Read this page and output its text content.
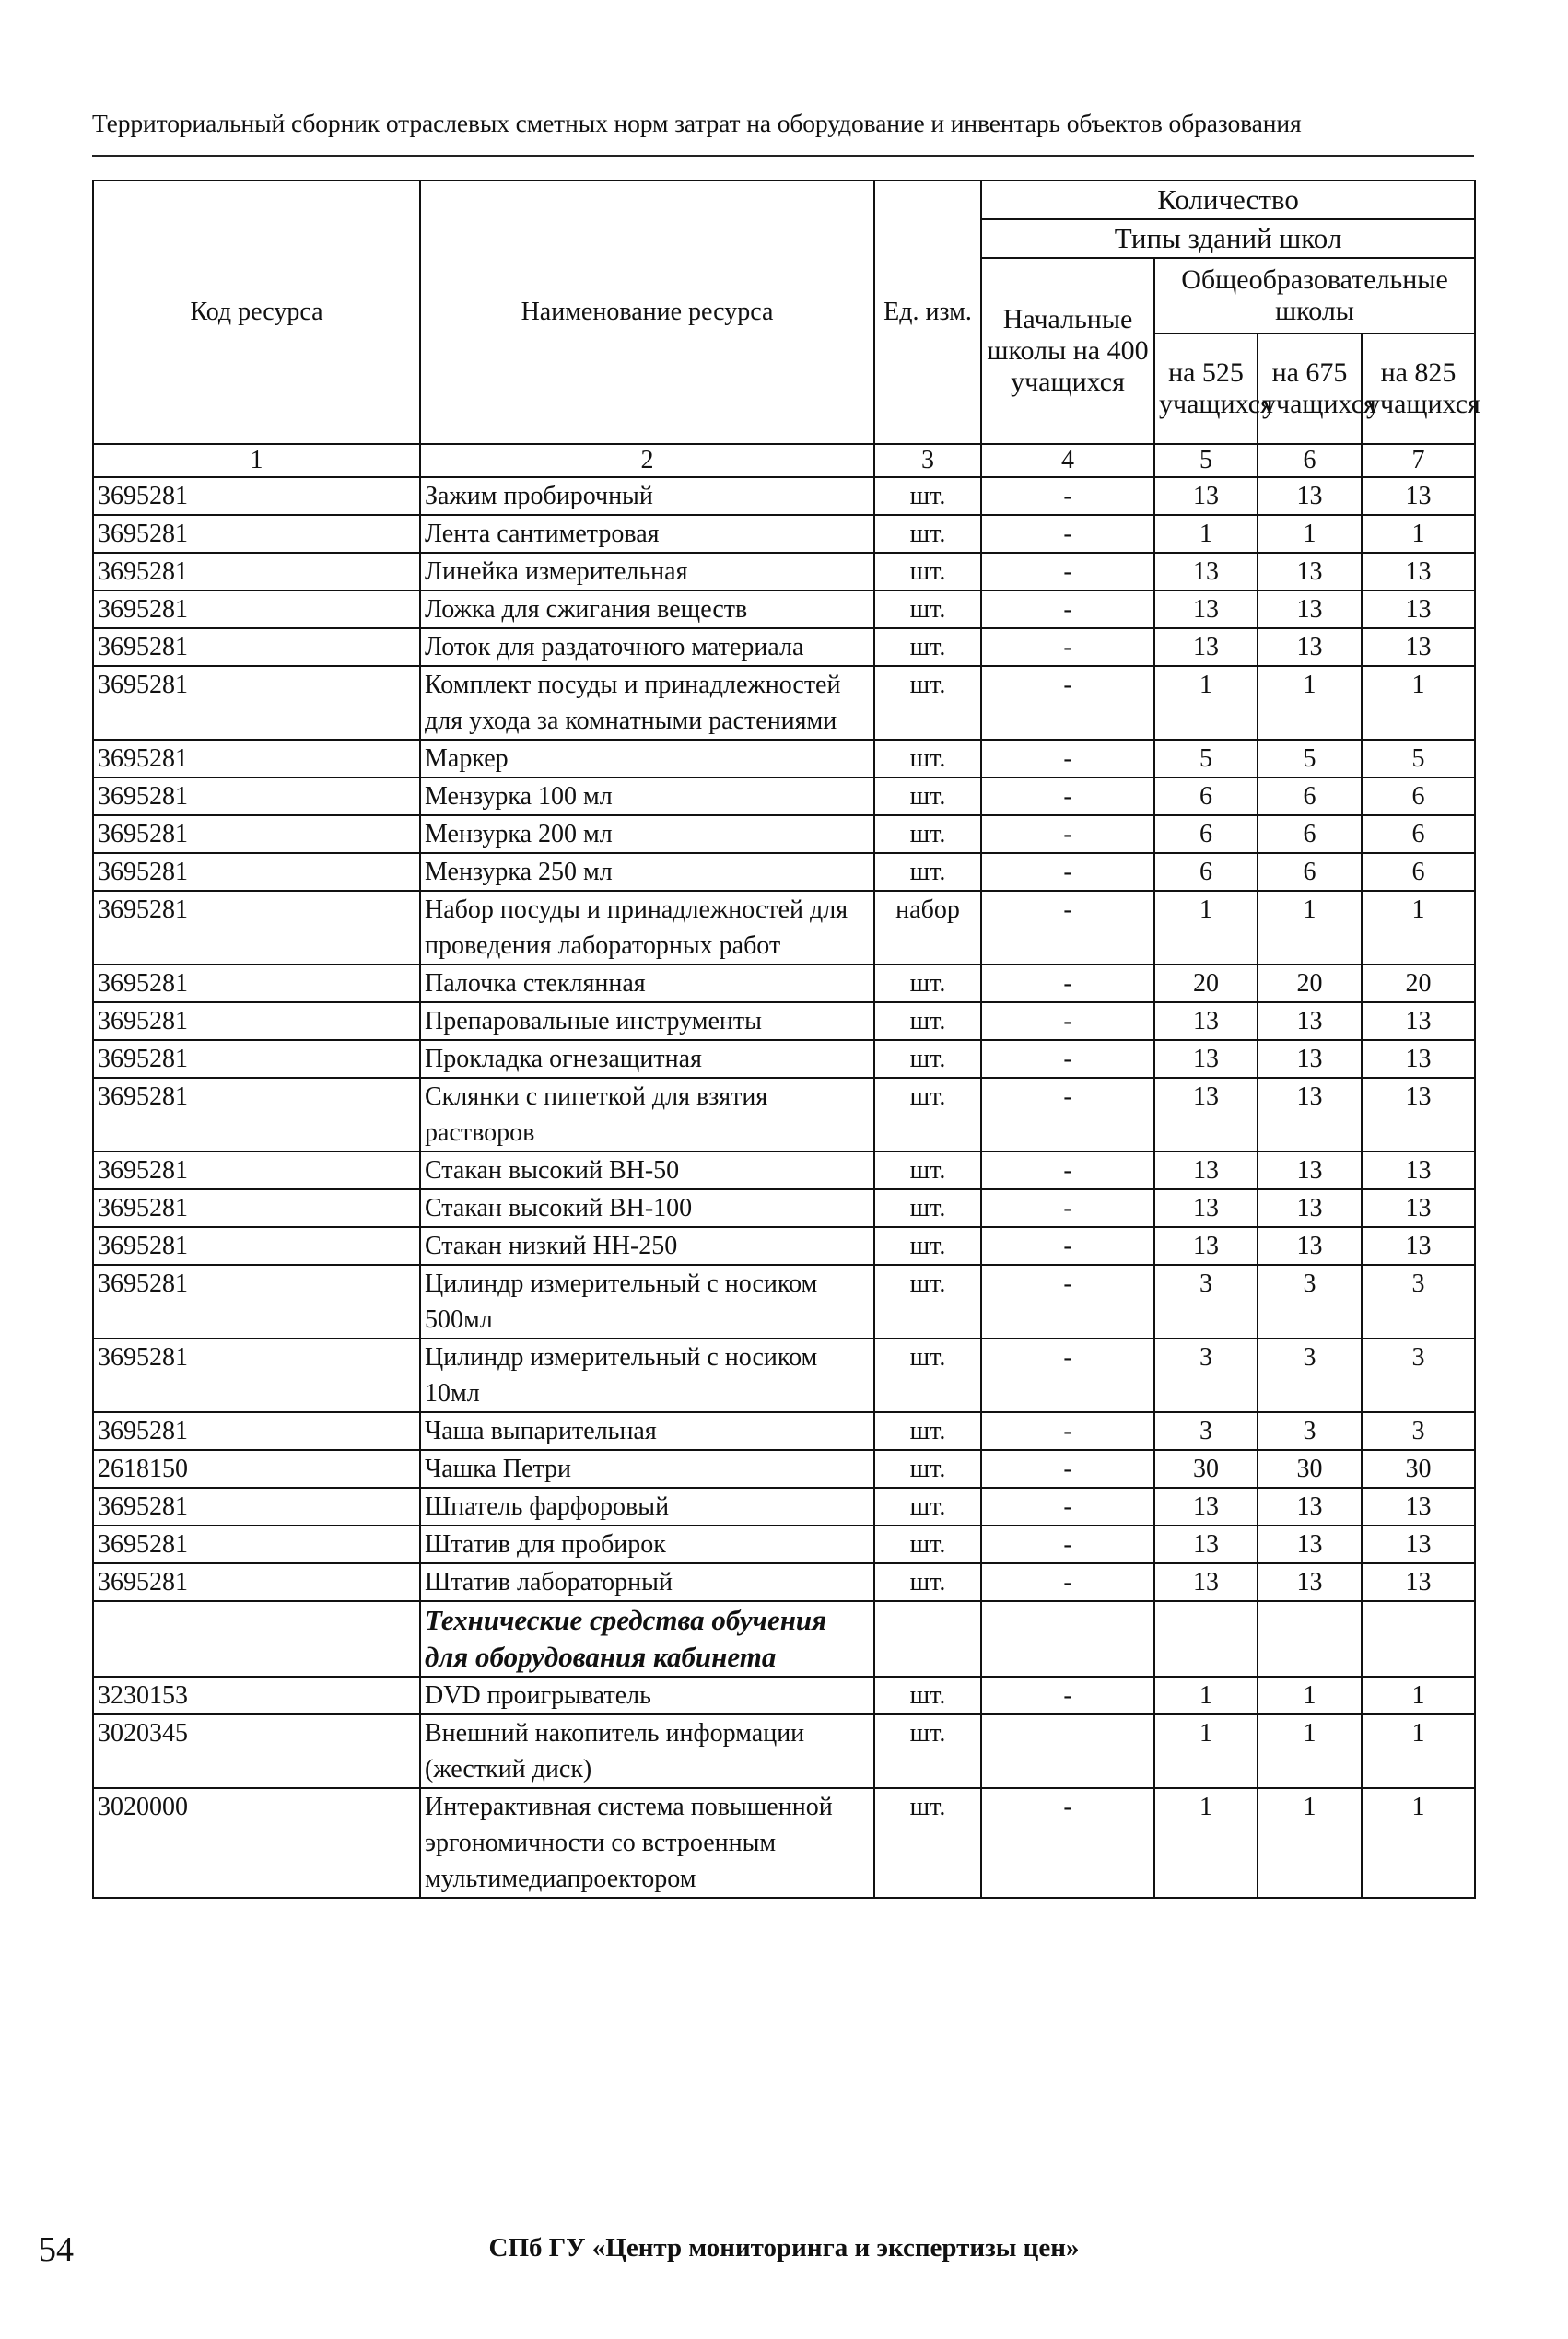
Территориальный сборник отраслевых сметных норм затрат на оборудование и инвентарь объектов образования
Код ресурса	Наименование ресурса	Ед. изм.	Количество			
			Типы зданий школ			
			Начальные школы на 400 учащихся	Общеобразовательные школы		
				на 525 учащихся	на 675 учащихся	на 825 учащихся
1	2	3	4	5	6	7
3695281	Зажим пробирочный	шт.	-	13	13	13
3695281	Лента сантиметровая	шт.	-	1	1	1
3695281	Линейка измерительная	шт.	-	13	13	13
3695281	Ложка для сжигания веществ	шт.	-	13	13	13
3695281	Лоток для раздаточного материала	шт.	-	13	13	13
3695281	Комплект посуды и принадлежностей для ухода за комнатными растениями	шт.	-	1	1	1
3695281	Маркер	шт.	-	5	5	5
3695281	Мензурка 100 мл	шт.	-	6	6	6
3695281	Мензурка 200 мл	шт.	-	6	6	6
3695281	Мензурка 250 мл	шт.	-	6	6	6
3695281	Набор посуды и принадлежностей для проведения лабораторных работ	набор	-	1	1	1
3695281	Палочка стеклянная	шт.	-	20	20	20
3695281	Препаровальные инструменты	шт.	-	13	13	13
3695281	Прокладка огнезащитная	шт.	-	13	13	13
3695281	Склянки с пипеткой для взятия растворов	шт.	-	13	13	13
3695281	Стакан высокий ВН-50	шт.	-	13	13	13
3695281	Стакан высокий ВН-100	шт.	-	13	13	13
3695281	Стакан низкий НН-250	шт.	-	13	13	13
3695281	Цилиндр измерительный с носиком 500мл	шт.	-	3	3	3
3695281	Цилиндр измерительный с носиком 10мл	шт.	-	3	3	3
3695281	Чаша выпарительная	шт.	-	3	3	3
2618150	Чашка Петри	шт.	-	30	30	30
3695281	Шпатель фарфоровый	шт.	-	13	13	13
3695281	Штатив для пробирок	шт.	-	13	13	13
3695281	Штатив лабораторный	шт.	-	13	13	13
	Технические средства обучения для оборудования кабинета					
3230153	DVD проигрыватель	шт.	-	1	1	1
3020345	Внешний накопитель информации (жесткий диск)	шт.		1	1	1
3020000	Интерактивная система повышенной эргономичности со встроенным мультимедиапроектором	шт.	-	1	1	1
54	СПб ГУ «Центр мониторинга и экспертизы цен»
